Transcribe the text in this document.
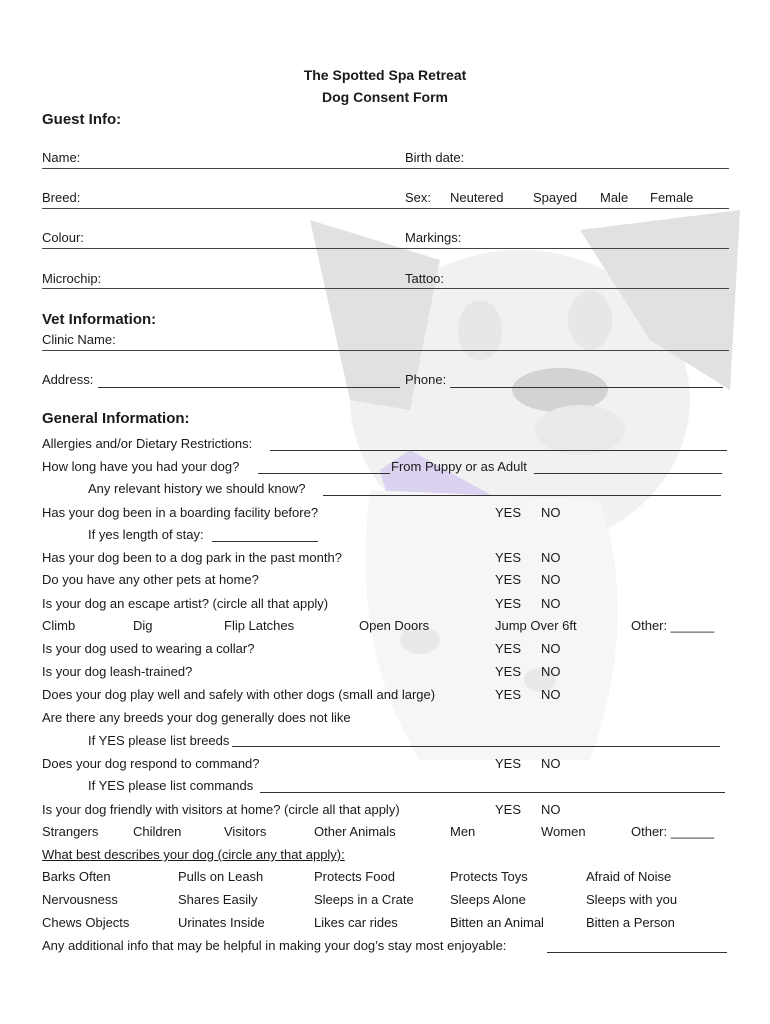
The Spotted Spa Retreat
Dog Consent Form
Guest Info:
Name:	Birth date:
Breed:	Sex: Neutered Spayed Male Female
Colour:	Markings:
Microchip:	Tattoo:
Vet Information:
Clinic Name:
Address:	Phone:
General Information:
Allergies and/or Dietary Restrictions:
How long have you had your dog?	From Puppy or as Adult
Any relevant history we should know?
Has your dog been in a boarding facility before?	YES NO
If yes length of stay:
Has your dog been to a dog park in the past month?	YES NO
Do you have any other pets at home?	YES NO
Is your dog an escape artist? (circle all that apply)	YES NO
Climb	Dig	Flip Latches	Open Doors	Jump Over 6ft	Other: ______
Is your dog used to wearing a collar?	YES NO
Is your dog leash-trained?	YES NO
Does your dog play well and safely with other dogs (small and large)	YES NO
Are there any breeds your dog generally does not like
If YES please list breeds
Does your dog respond to command?	YES NO
If YES please list commands
Is your dog friendly with visitors at home? (circle all that apply)	YES NO
Strangers	Children	Visitors	Other Animals	Men	Women	Other: ______
What best describes your dog (circle any that apply):
Barks Often	Pulls on Leash	Protects Food	Protects Toys	Afraid of Noise
Nervousness	Shares Easily	Sleeps in a Crate	Sleeps Alone	Sleeps with you
Chews Objects	Urinates Inside	Likes car rides	Bitten an Animal	Bitten a Person
Any additional info that may be helpful in making your dog’s stay most enjoyable:
